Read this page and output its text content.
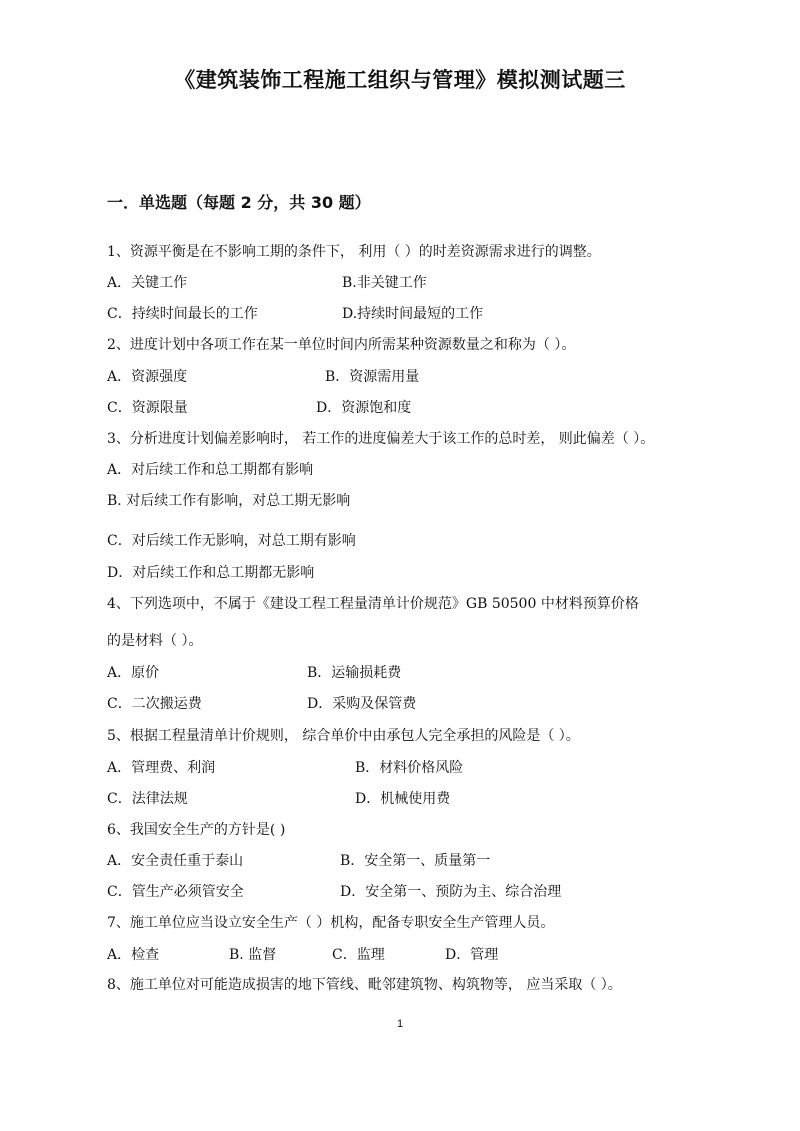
《建筑装饰工程施工组织与管理》模拟测试题三
一．单选题（每题 2 分，共 30 题）
1、资源平衡是在不影响工期的条件下， 利用（ ）的时差资源需求进行的调整。
A．关键工作	B.非关键工作
C．持续时间最长的工作	D.持续时间最短的工作
2、进度计划中各项工作在某一单位时间内所需某种资源数量之和称为（ ）。
A．资源强度	B．资源需用量
C．资源限量	D．资源饱和度
3、分析进度计划偏差影响时， 若工作的进度偏差大于该工作的总时差， 则此偏差（ ）。
A．对后续工作和总工期都有影响
B. 对后续工作有影响，对总工期无影响
C．对后续工作无影响，对总工期有影响
D．对后续工作和总工期都无影响
4、下列选项中，不属于《建设工程工程量清单计价规范》GB 50500 中材料预算价格
的是材料（ ）。
A．原价	B．运输损耗费
C．二次搬运费	D．采购及保管费
5、根据工程量清单计价规则， 综合单价中由承包人完全承担的风险是（ ）。
A．管理费、利润	B．材料价格风险
C．法律法规	D．机械使用费
6、我国安全生产的方针是( )
A．安全责任重于泰山	B．安全第一、质量第一
C．管生产必须管安全	D．安全第一、预防为主、综合治理
7、施工单位应当设立安全生产（ ）机构，配备专职安全生产管理人员。
A．检查	B. 监督	C．监理	D．管理
8、施工单位对可能造成损害的地下管线、毗邻建筑物、构筑物等， 应当采取（ ）。
1
